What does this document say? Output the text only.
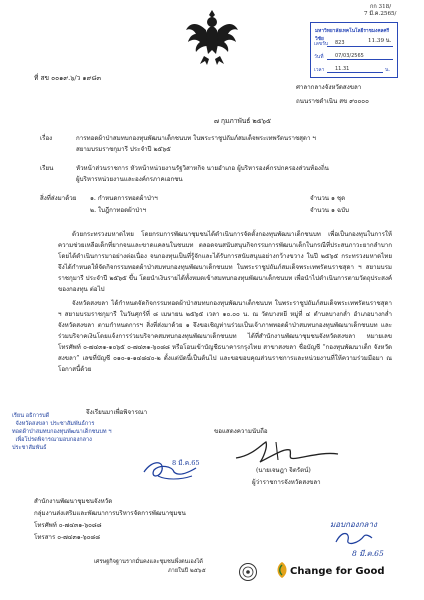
กก 318/
7 มี.ค.2565/
11.39 น.
มหาวิทยาลัยเทคโนโลยีราชมงคลศรีวิชัย
เลขรับ 823
วันที่ 07/03/2565
เวลา 11.31	น.
ที่ สข ๐๐๑๙.๖/ว ๑๙๘๓
ศาลากลางจังหวัดสงขลา
ถนนราชดำเนิน สข ๙๐๐๐๐
๗ กุมภาพันธ์ ๒๕๖๕
เรื่อง	การทอดผ้าป่าสมทบกองทุนพัฒนาเด็กชนบท ในพระราชูปถัมภ์สมเด็จพระเทพรัตนราชสุดา ฯ
สยามบรมราชกุมารี ประจำปี ๒๕๖๕
เรียน	หัวหน้าส่วนราชการ หัวหน้าหน่วยงานรัฐวิสาหกิจ นายอำเภอ ผู้บริหารองค์กรปกครองส่วนท้องถิ่น
ผู้บริหารหน่วยงานและองค์กรภาคเอกชน
สิ่งที่ส่งมาด้วย ๑. กำหนดการทอดผ้าป่าฯ	จำนวน ๑ ชุด
๒. ใบฎีกาทอดผ้าป่าฯ	จำนวน ๑ ฉบับ
ด้วยกระทรวงมหาดไทย โดยกรมการพัฒนาชุมชนได้ดำเนินการจัดตั้งกองทุนพัฒนาเด็กชนบท เพื่อเป็นกองทุนในการให้ความช่วยเหลือเด็กที่ยากจนและขาดแคลนในชนบท ตลอดจนสนับสนุนกิจกรรมการพัฒนาเด็กในกรณีที่ประสบภาวะยากลำบาก โดยได้ดำเนินการมาอย่างต่อเนื่อง จนกองทุนเป็นที่รู้จักและได้รับการสนับสนุนอย่างกว้างขวาง ในปี ๒๕๖๕ กระทรวงมหาดไทยจึงได้กำหนดให้จัดกิจกรรมทอดผ้าป่าสมทบกองทุนพัฒนาเด็กชนบท ในพระราชูปถัมภ์สมเด็จพระเทพรัตนราชสุดา ฯ สยามบรมราชกุมารี ประจำปี ๒๕๖๕ ขึ้น โดยนำเงินรายได้ทั้งหมดเข้าสมทบกองทุนพัฒนาเด็กชนบท เพื่อนำไปดำเนินการตามวัตถุประสงค์ของกองทุน ต่อไป
จังหวัดสงขลา ได้กำหนดจัดกิจกรรมทอดผ้าป่าสมทบกองทุนพัฒนาเด็กชนบท ในพระราชูปถัมภ์สมเด็จพระเทพรัตนราชสุดา ฯ สยามบรมราชกุมารี ในวันศุกร์ที่ ๘ เมษายน ๒๕๖๕ เวลา ๑๐.๐๐ น. ณ วัดบางหยี หมู่ที่ ๔ ตำบลบางกล่ำ อำเภอบางกล่ำ จังหวัดสงขลา ตามกำหนดการฯ สิ่งที่ส่งมาด้วย ๑ จึงขอเชิญท่านร่วมเป็นเจ้าภาพทอดผ้าป่าสมทบกองทุนพัฒนาเด็กชนบท และร่วมบริจาคเงินโดยแจ้งการร่วมบริจาคสมทบกองทุนพัฒนาเด็กชนบท ได้ที่สำนักงานพัฒนาชุมชนจังหวัดสงขลา หมายเลขโทรศัพท์ ๐-๗๔๓๑-๑๐๖๕ ๐-๗๔๓๑-๖๐๘๘ หรือโอนเข้าบัญชีธนาคารกรุงไทย สาขาสงขลา ชื่อบัญชี “กองทุนพัฒนาเด็ก จังหวัดสงขลา” เลขที่บัญชี ๐๑๐-๑-๑๔๘๔๐-๒ ตั้งแต่บัดนี้เป็นต้นไป และขอขอบคุณส่วนราชการและหน่วยงานที่ให้ความร่วมมือมา ณ โอกาสนี้ด้วย
จึงเรียนมาเพื่อพิจารณา
ขอแสดงความนับถือ
(นายเจษฎา จิตรัตน์)
ผู้ว่าราชการจังหวัดสงขลา
เรียน อธิการบดี
จังหวัดสงขลา ประชาสัมพันธ์การ
ทอดผ้าป่าสมทบกองทุนพัฒนาเด็กชนบท ฯ
เพื่อโปรดพิจารณามอบกองกลาง
ประชาสัมพันธ์
8 มี.ค.65
มอบกองกลาง
8 มี.ค.65
สำนักงานพัฒนาชุมชนจังหวัด
กลุ่มงานส่งเสริมและพัฒนาการบริหารจัดการพัฒนาชุมชน
โทรศัพท์ ๐-๗๔๓๑-๖๐๘๘
โทรสาร ๐-๗๔๓๑-๖๐๘๘
เศรษฐกิจฐานรากมั่นคงและชุมชนพึ่งตนเองได้
ภายในปี ๒๕๖๕	Change for Good
